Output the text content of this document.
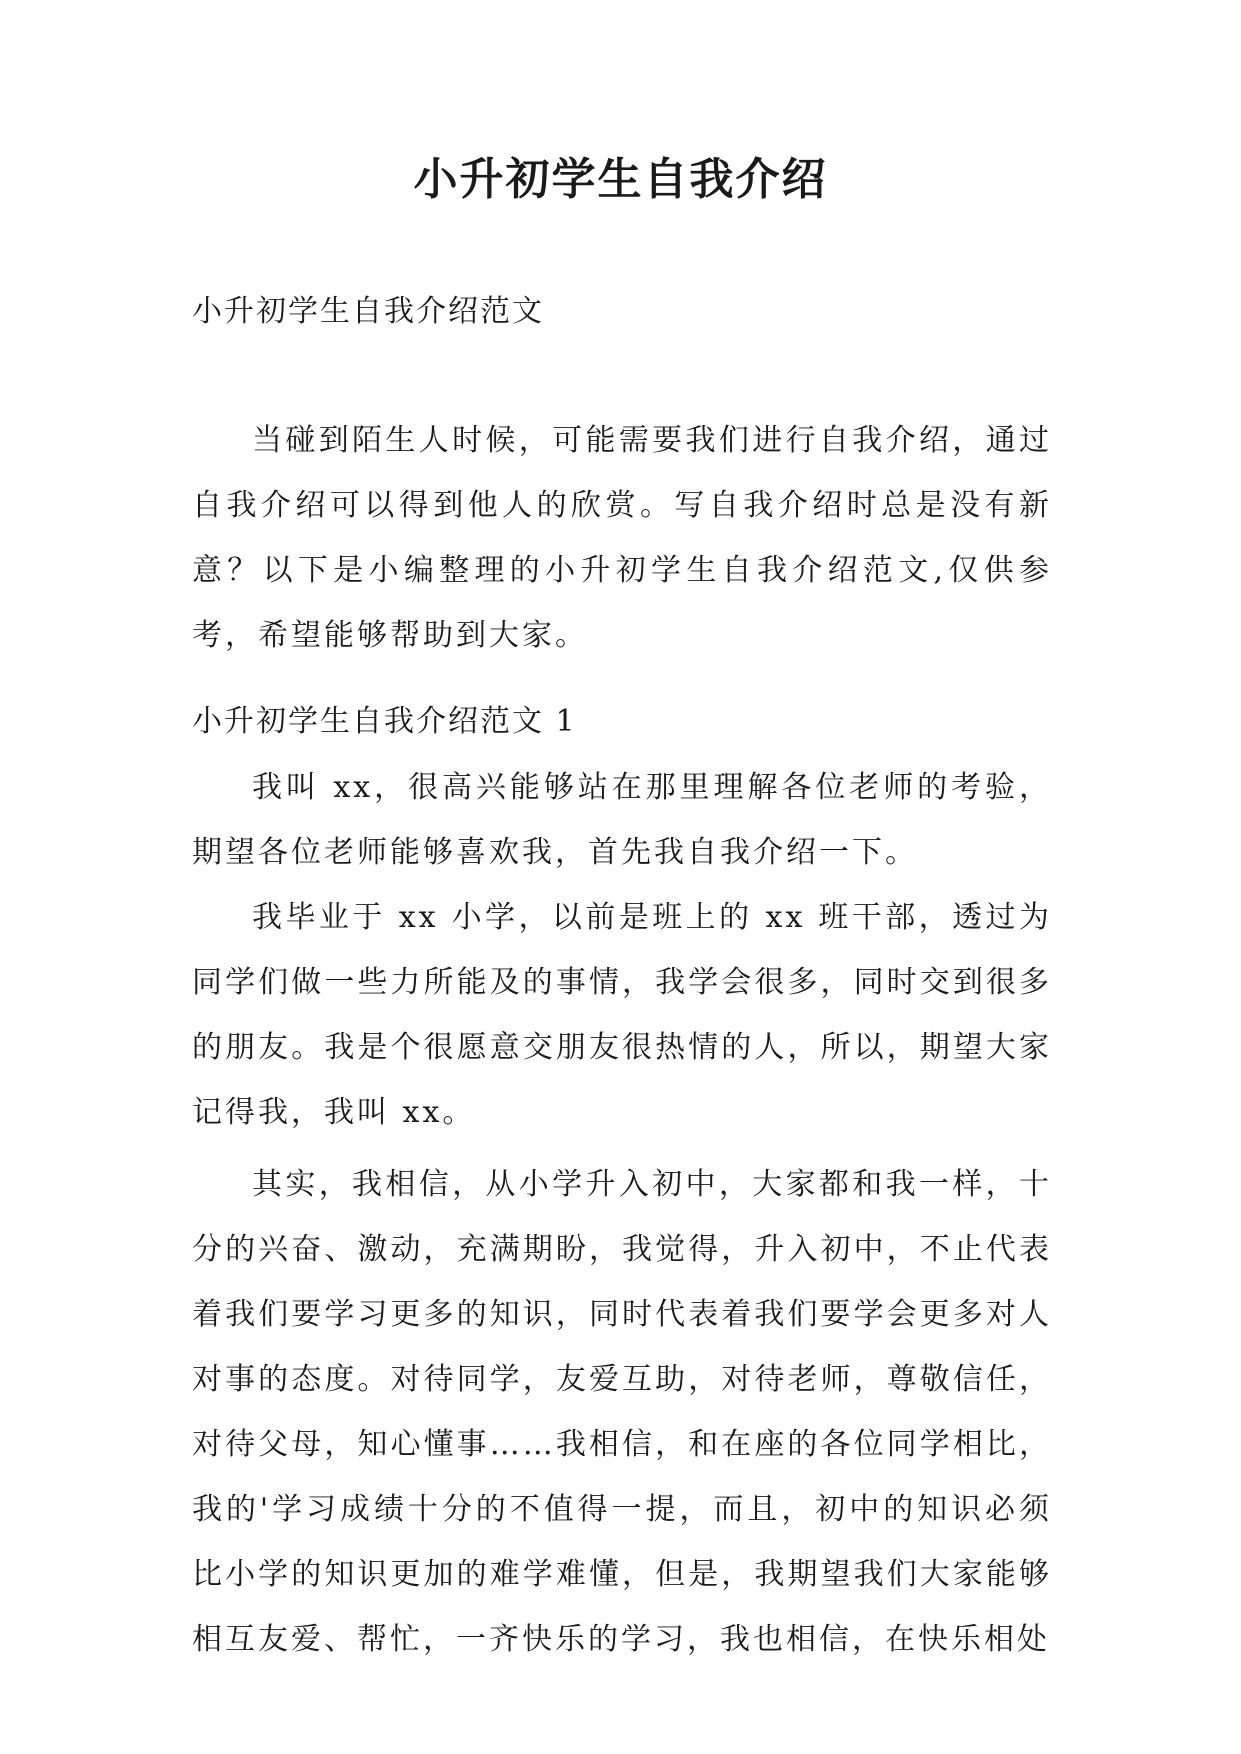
小升初学生自我介绍

小升初学生自我介绍范文

当碰到陌生人时候，可能需要我们进行自我介绍，通过自我介绍可以得到他人的欣赏。写自我介绍时总是没有新意？以下是小编整理的小升初学生自我介绍范文,仅供参考，希望能够帮助到大家。

小升初学生自我介绍范文 1

我叫 xx，很高兴能够站在那里理解各位老师的考验，期望各位老师能够喜欢我，首先我自我介绍一下。

我毕业于 xx 小学，以前是班上的 xx 班干部，透过为同学们做一些力所能及的事情，我学会很多，同时交到很多的朋友。我是个很愿意交朋友很热情的人，所以，期望大家记得我，我叫 xx。

其实，我相信，从小学升入初中，大家都和我一样，十分的兴奋、激动，充满期盼，我觉得，升入初中，不止代表着我们要学习更多的知识，同时代表着我们要学会更多对人对事的态度。对待同学，友爱互助，对待老师，尊敬信任，对待父母，知心懂事……我相信，和在座的各位同学相比，我的'学习成绩十分的不值得一提，而且，初中的知识必须比小学的知识更加的难学难懂，但是，我期望我们大家能够相互友爱、帮忙，一齐快乐的学习，我也相信，在快乐相处
